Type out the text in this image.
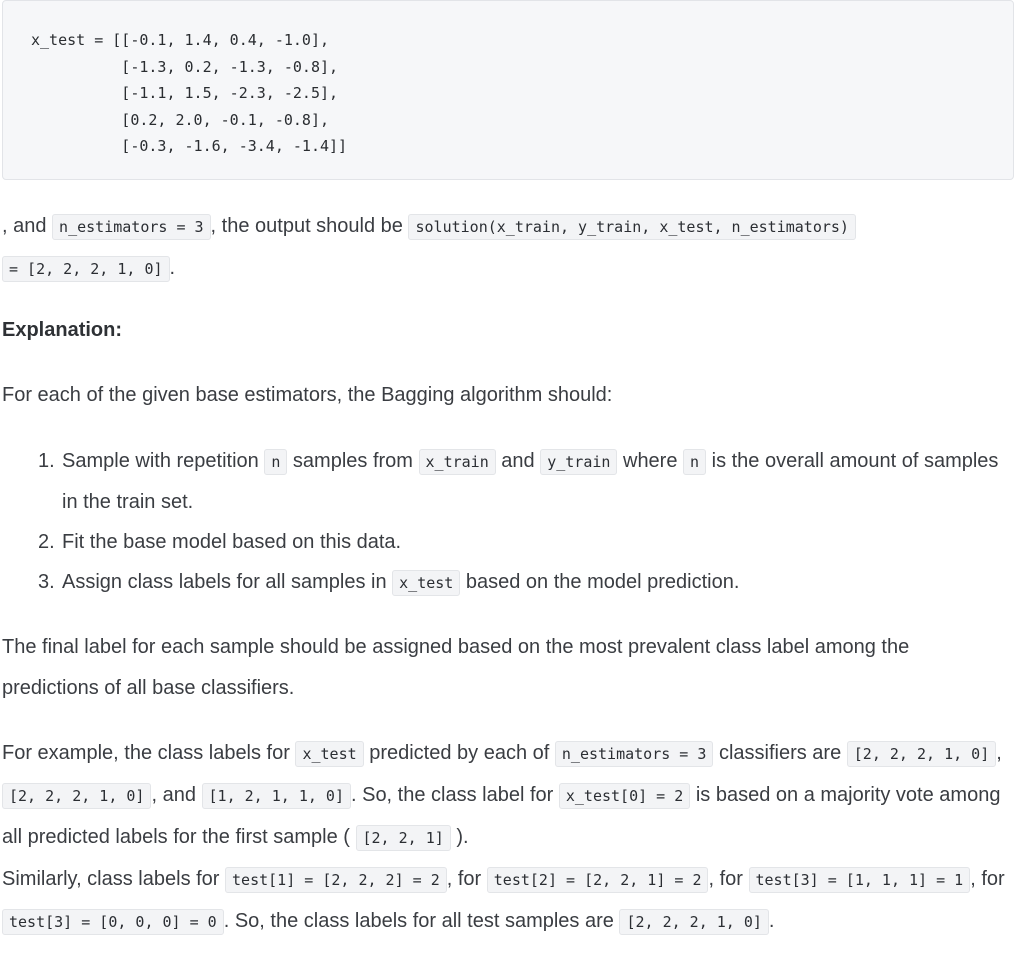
x_test = [[-0.1, 1.4, 0.4, -1.0],
[-1.3, 0.2, -1.3, -0.8],
[-1.1, 1.5, -2.3, -2.5],
[0.2, 2.0, -0.1, -0.8],
[-0.3, -1.6, -3.4, -1.4]]

, and n_estimators = 3 , the output should be solution(x_train, y_train, x_test, n_estimators) = [2, 2, 2, 1, 0] .

Explanation:

For each of the given base estimators, the Bagging algorithm should:

1. Sample with repetition n samples from x_train and y_train where n is the overall amount of samples in the train set.
2. Fit the base model based on this data.
3. Assign class labels for all samples in x_test based on the model prediction.

The final label for each sample should be assigned based on the most prevalent class label among the predictions of all base classifiers.

For example, the class labels for x_test predicted by each of n_estimators = 3 classifiers are [2, 2, 2, 1, 0] , [2, 2, 2, 1, 0] , and [1, 2, 1, 1, 0] . So, the class label for x_test[0] = 2 is based on a majority vote among all predicted labels for the first sample ( [2, 2, 1] ).
Similarly, class labels for test[1] = [2, 2, 2] = 2 , for test[2] = [2, 2, 1] = 2 , for test[3] = [1, 1, 1] = 1 , for test[3] = [0, 0, 0] = 0 . So, the class labels for all test samples are [2, 2, 2, 1, 0] .
